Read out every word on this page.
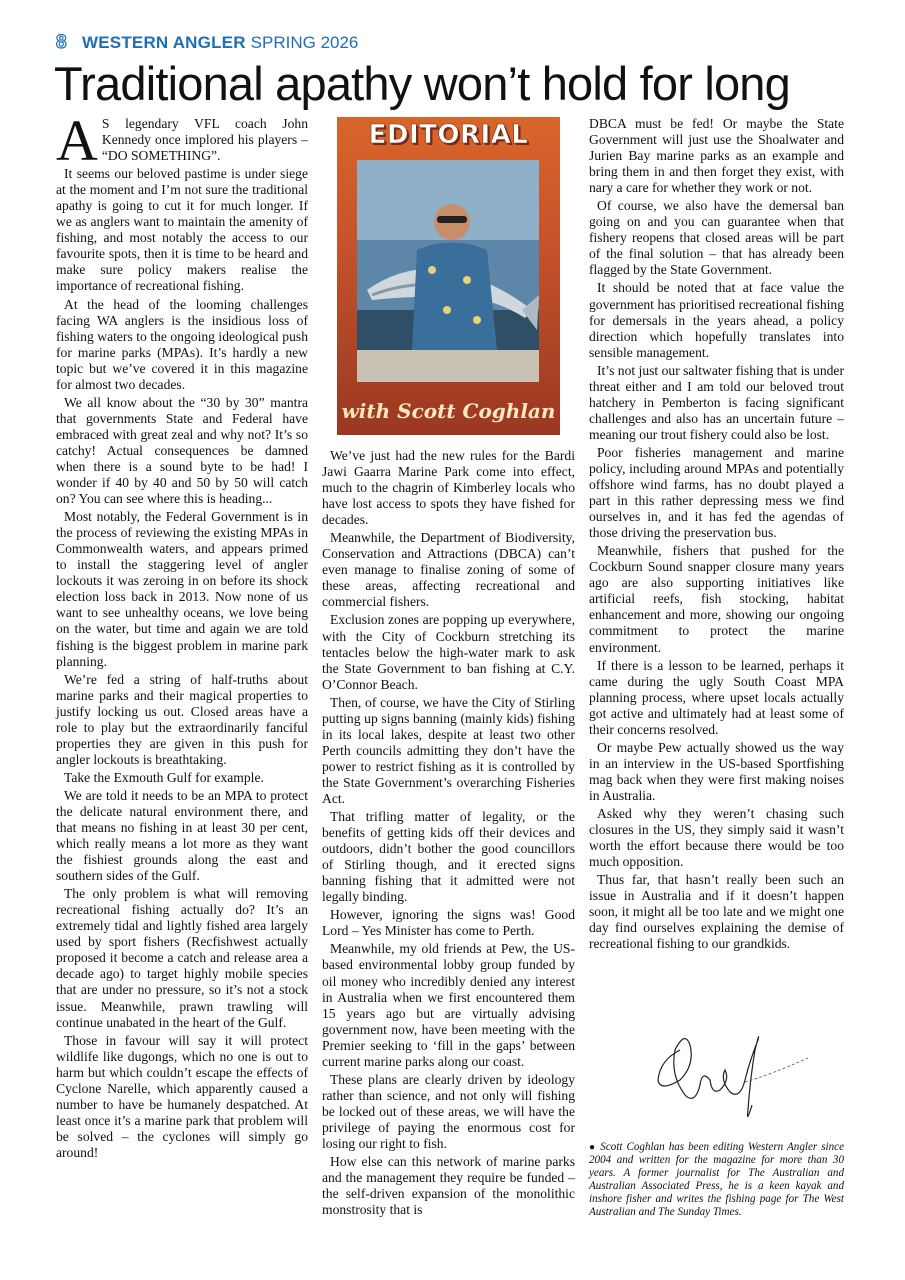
8 WESTERN ANGLER SPRING 2026
Traditional apathy won’t hold for long

A S legendary VFL coach John Kennedy once implored his players – “DO SOMETHING”.

It seems our beloved pastime is under siege at the moment and I’m not sure the traditional apathy is going to cut it for much longer. If we as anglers want to maintain the amenity of fishing, and most notably the access to our favourite spots, then it is time to be heard and make sure policy makers realise the importance of recreational fishing.

At the head of the looming challenges facing WA anglers is the insidious loss of fishing waters to the ongoing ideological push for marine parks (MPAs). It’s hardly a new topic but we’ve covered it in this magazine for almost two decades.

We all know about the “30 by 30” mantra that governments State and Federal have embraced with great zeal and why not? It’s so catchy! Actual consequences be damned when there is a sound byte to be had! I wonder if 40 by 40 and 50 by 50 will catch on? You can see where this is heading...

Most notably, the Federal Government is in the process of reviewing the existing MPAs in Commonwealth waters, and appears primed to install the staggering level of angler lockouts it was zeroing in on before its shock election loss back in 2013. Now none of us want to see unhealthy oceans, we love being on the water, but time and again we are told fishing is the biggest problem in marine park planning.

We’re fed a string of half-truths about marine parks and their magical properties to justify locking us out. Closed areas have a role to play but the extraordinarily fanciful properties they are given in this push for angler lockouts is breathtaking.

Take the Exmouth Gulf for example.

We are told it needs to be an MPA to protect the delicate natural environment there, and that means no fishing in at least 30 per cent, which really means a lot more as they want the fishiest grounds along the east and southern sides of the Gulf.

The only problem is what will removing recreational fishing actually do? It’s an extremely tidal and lightly fished area largely used by sport fishers (Recfishwest actually proposed it become a catch and release area a decade ago) to target highly mobile species that are under no pressure, so it’s not a stock issue. Meanwhile, prawn trawling will continue unabated in the heart of the Gulf.

Those in favour will say it will protect wildlife like dugongs, which no one is out to harm but which couldn’t escape the effects of Cyclone Narelle, which apparently caused a number to have be humanely despatched. At least once it’s a marine park that problem will be solved – the cyclones will simply go around!

EDITORIAL
with Scott Coghlan

We’ve just had the new rules for the Bardi Jawi Gaarra Marine Park come into effect, much to the chagrin of Kimberley locals who have lost access to spots they have fished for decades.

Meanwhile, the Department of Biodiversity, Conservation and Attractions (DBCA) can’t even manage to finalise zoning of some of these areas, affecting recreational and commercial fishers.

Exclusion zones are popping up everywhere, with the City of Cockburn stretching its tentacles below the high-water mark to ask the State Government to ban fishing at C.Y. O’Connor Beach.

Then, of course, we have the City of Stirling putting up signs banning (mainly kids) fishing in its local lakes, despite at least two other Perth councils admitting they don’t have the power to restrict fishing as it is controlled by the State Government’s overarching Fisheries Act.

That trifling matter of legality, or the benefits of getting kids off their devices and outdoors, didn’t bother the good councillors of Stirling though, and it erected signs banning fishing that it admitted were not legally binding.

However, ignoring the signs was! Good Lord – Yes Minister has come to Perth.

Meanwhile, my old friends at Pew, the US-based environmental lobby group funded by oil money who incredibly denied any interest in Australia when we first encountered them 15 years ago but are virtually advising government now, have been meeting with the Premier seeking to ‘fill in the gaps’ between current marine parks along our coast.

These plans are clearly driven by ideology rather than science, and not only will fishing be locked out of these areas, we will have the privilege of paying the enormous cost for losing our right to fish.

How else can this network of marine parks and the management they require be funded – the self-driven expansion of the monolithic monstrosity that is

DBCA must be fed! Or maybe the State Government will just use the Shoalwater and Jurien Bay marine parks as an example and bring them in and then forget they exist, with nary a care for whether they work or not.

Of course, we also have the demersal ban going on and you can guarantee when that fishery reopens that closed areas will be part of the final solution – that has already been flagged by the State Government.

It should be noted that at face value the government has prioritised recreational fishing for demersals in the years ahead, a policy direction which hopefully translates into sensible management.

It’s not just our saltwater fishing that is under threat either and I am told our beloved trout hatchery in Pemberton is facing significant challenges and also has an uncertain future – meaning our trout fishery could also be lost.

Poor fisheries management and marine policy, including around MPAs and potentially offshore wind farms, has no doubt played a part in this rather depressing mess we find ourselves in, and it has fed the agendas of those driving the preservation bus.

Meanwhile, fishers that pushed for the Cockburn Sound snapper closure many years ago are also supporting initiatives like artificial reefs, fish stocking, habitat enhancement and more, showing our ongoing commitment to protect the marine environment.

If there is a lesson to be learned, perhaps it came during the ugly South Coast MPA planning process, where upset locals actually got active and ultimately had at least some of their concerns resolved.

Or maybe Pew actually showed us the way in an interview in the US-based Sportfishing mag back when they were first making noises in Australia.

Asked why they weren’t chasing such closures in the US, they simply said it wasn’t worth the effort because there would be too much opposition.

Thus far, that hasn’t really been such an issue in Australia and if it doesn’t happen soon, it might all be too late and we might one day find ourselves explaining the demise of recreational fishing to our grandkids.

● Scott Coghlan has been editing Western Angler since 2004 and written for the magazine for more than 30 years. A former journalist for The Australian and Australian Associated Press, he is a keen kayak and inshore fisher and writes the fishing page for The West Australian and The Sunday Times.
